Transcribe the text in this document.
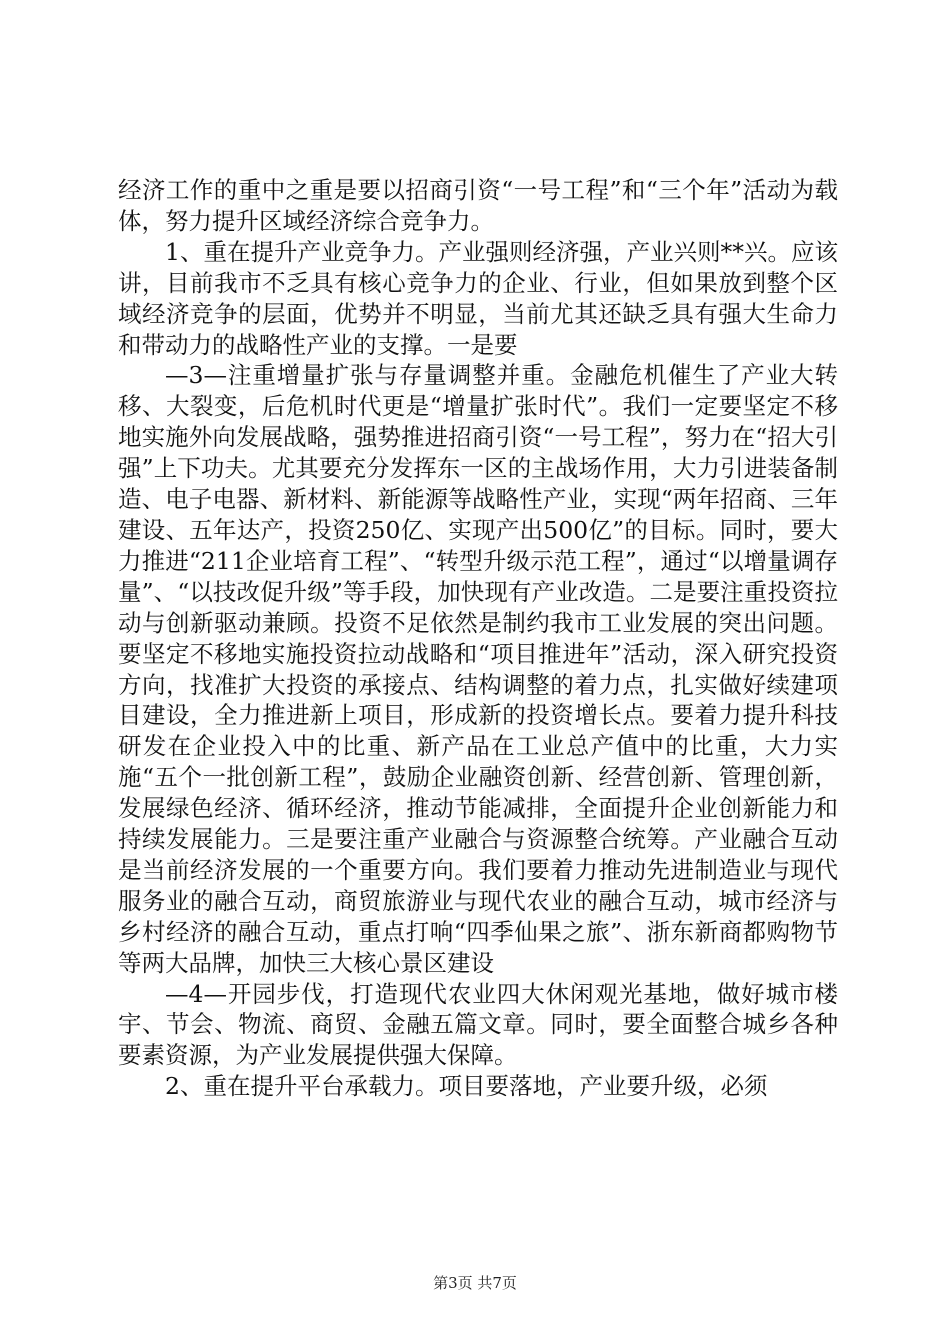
经济工作的重中之重是要以招商引资“一号工程”和“三个年”活动为载体，努力提升区域经济综合竞争力。

1、重在提升产业竞争力。产业强则经济强，产业兴则**兴。应该讲，目前我市不乏具有核心竞争力的企业、行业，但如果放到整个区域经济竞争的层面，优势并不明显，当前尤其还缺乏具有强大生命力和带动力的战略性产业的支撑。一是要

—3—注重增量扩张与存量调整并重。金融危机催生了产业大转移、大裂变，后危机时代更是“增量扩张时代”。我们一定要坚定不移地实施外向发展战略，强势推进招商引资“一号工程”，努力在“招大引强”上下功夫。尤其要充分发挥东一区的主战场作用，大力引进装备制造、电子电器、新材料、新能源等战略性产业，实现“两年招商、三年建设、五年达产，投资250亿、实现产出500亿”的目标。同时，要大力推进“211企业培育工程”、“转型升级示范工程”，通过“以增量调存量”、“以技改促升级”等手段，加快现有产业改造。二是要注重投资拉动与创新驱动兼顾。投资不足依然是制约我市工业发展的突出问题。要坚定不移地实施投资拉动战略和“项目推进年”活动，深入研究投资方向，找准扩大投资的承接点、结构调整的着力点，扎实做好续建项目建设，全力推进新上项目，形成新的投资增长点。要着力提升科技研发在企业投入中的比重、新产品在工业总产值中的比重，大力实施“五个一批创新工程”，鼓励企业融资创新、经营创新、管理创新，发展绿色经济、循环经济，推动节能减排，全面提升企业创新能力和持续发展能力。三是要注重产业融合与资源整合统筹。产业融合互动是当前经济发展的一个重要方向。我们要着力推动先进制造业与现代服务业的融合互动，商贸旅游业与现代农业的融合互动，城市经济与乡村经济的融合互动，重点打响“四季仙果之旅”、浙东新商都购物节等两大品牌，加快三大核心景区建设

—4—开园步伐，打造现代农业四大休闲观光基地，做好城市楼宇、节会、物流、商贸、金融五篇文章。同时，要全面整合城乡各种要素资源，为产业发展提供强大保障。

2、重在提升平台承载力。项目要落地，产业要升级，必须

第3页 共7页
